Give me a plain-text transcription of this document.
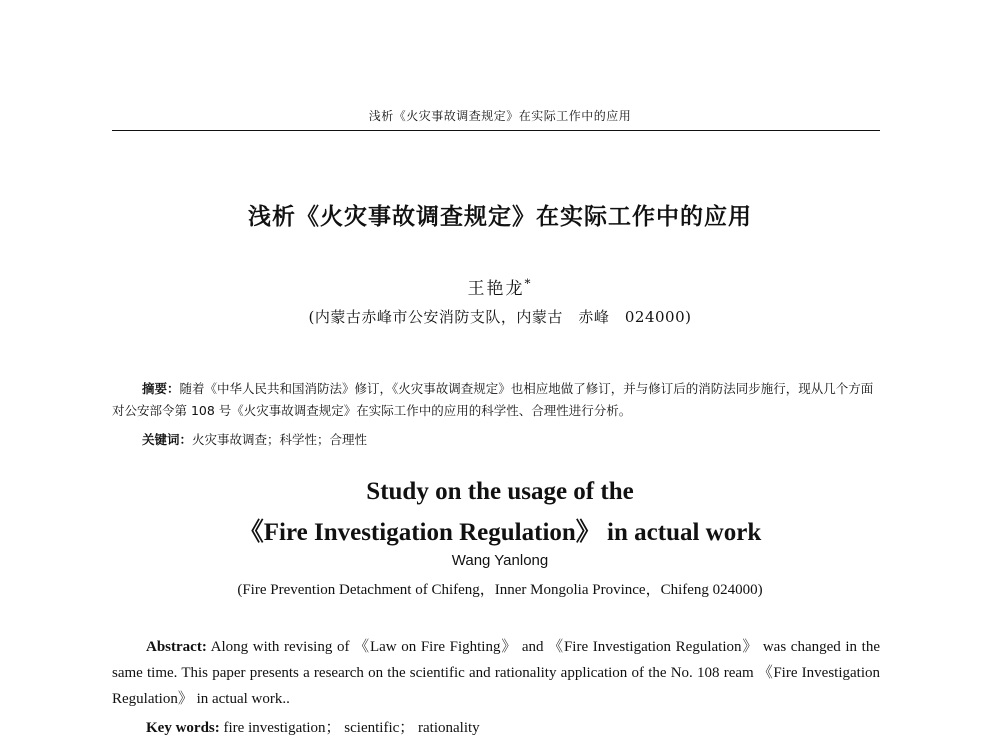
浅析《火灾事故调查规定》在实际工作中的应用
浅析《火灾事故调查规定》在实际工作中的应用
王艳龙*
(内蒙古赤峰市公安消防支队，内蒙古　赤峰　024000)

摘要：随着《中华人民共和国消防法》修订，《火灾事故调查规定》也相应地做了修订，并与修订后的消防法同步施行，现从几个方面对公安部令第 108 号《火灾事故调查规定》在实际工作中的应用的科学性、合理性进行分析。

关键词：火灾事故调查；科学性；合理性
Study on the usage of the
《Fire Investigation Regulation》 in actual work
Wang Yanlong
(Fire Prevention Detachment of Chifeng，Inner Mongolia Province，Chifeng 024000)

Abstract: Along with revising of 《Law on Fire Fighting》 and 《Fire Investigation Regulation》 was changed in the same time. This paper presents a research on the scientific and rationality application of the No. 108 ream 《Fire Investigation Regulation》 in actual work..

Key words: fire investigation； scientific； rationality
